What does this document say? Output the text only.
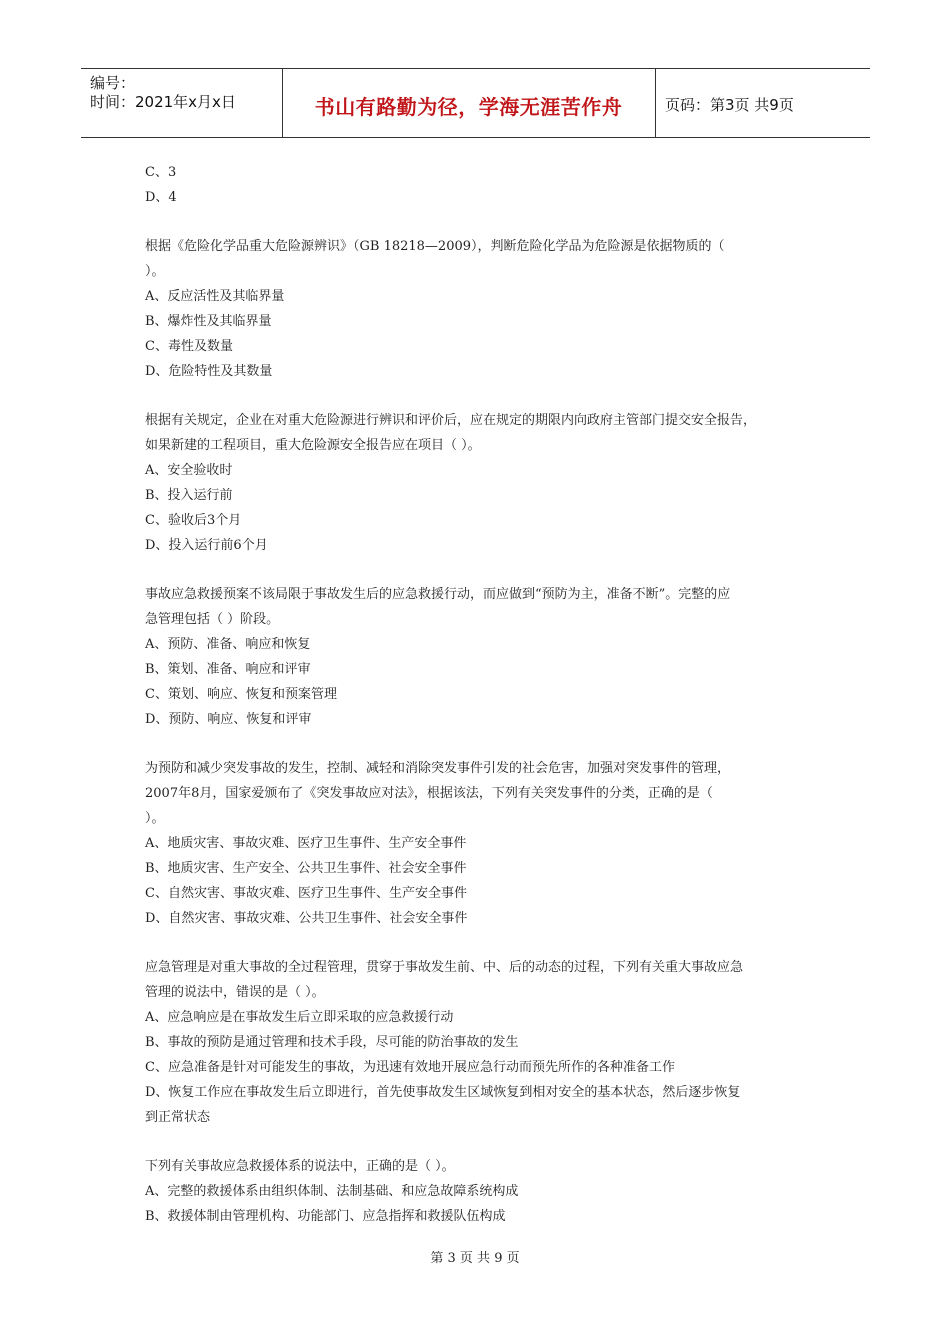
编号：
时间：2021年x月x日	书山有路勤为径，学海无涯苦作舟	页码：第3页 共9页
C、3
D、4
根据《危险化学品重大危险源辨识》（GB 18218—2009），判断危险化学品为危险源是依据物质的（
）。
A、反应活性及其临界量
B、爆炸性及其临界量
C、毒性及数量
D、危险特性及其数量
根据有关规定，企业在对重大危险源进行辨识和评价后，应在规定的期限内向政府主管部门提交安全报告，
如果新建的工程项目，重大危险源安全报告应在项目（ ）。
A、安全验收时
B、投入运行前
C、验收后3个月
D、投入运行前6个月
事故应急救援预案不该局限于事故发生后的应急救援行动，而应做到“预防为主，准备不断”。完整的应
急管理包括（ ）阶段。
A、预防、准备、响应和恢复
B、策划、准备、响应和评审
C、策划、响应、恢复和预案管理
D、预防、响应、恢复和评审
为预防和减少突发事故的发生，控制、减轻和消除突发事件引发的社会危害，加强对突发事件的管理，
2007年8月，国家爱颁布了《突发事故应对法》，根据该法，下列有关突发事件的分类，正确的是（
）。
A、地质灾害、事故灾难、医疗卫生事件、生产安全事件
B、地质灾害、生产安全、公共卫生事件、社会安全事件
C、自然灾害、事故灾难、医疗卫生事件、生产安全事件
D、自然灾害、事故灾难、公共卫生事件、社会安全事件
应急管理是对重大事故的全过程管理，贯穿于事故发生前、中、后的动态的过程，下列有关重大事故应急
管理的说法中，错误的是（ ）。
A、应急响应是在事故发生后立即采取的应急救援行动
B、事故的预防是通过管理和技术手段，尽可能的防治事故的发生
C、应急准备是针对可能发生的事故，为迅速有效地开展应急行动而预先所作的各种准备工作
D、恢复工作应在事故发生后立即进行，首先使事故发生区域恢复到相对安全的基本状态，然后逐步恢复
到正常状态
下列有关事故应急救援体系的说法中，正确的是（ ）。
A、完整的救援体系由组织体制、法制基础、和应急故障系统构成
B、救援体制由管理机构、功能部门、应急指挥和救援队伍构成
第 3 页 共 9 页
